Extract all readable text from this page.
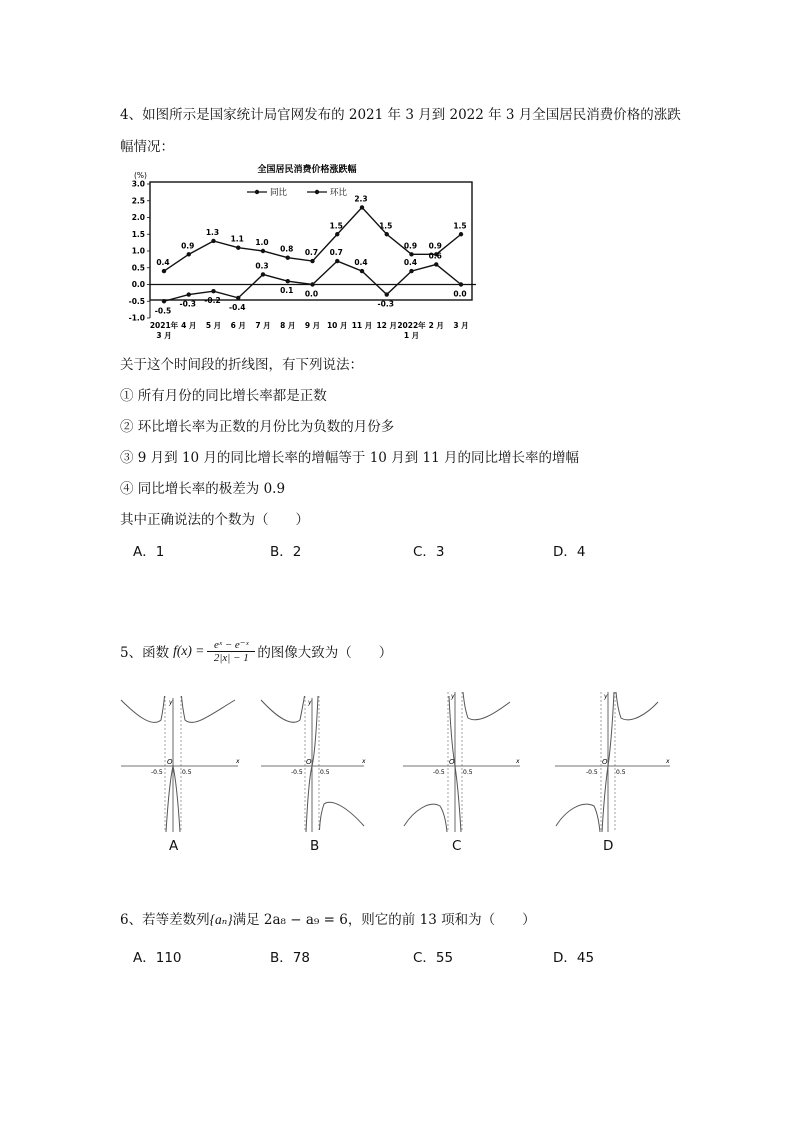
4、如图所示是国家统计局官网发布的 2021 年 3 月到 2022 年 3 月全国居民消费价格的涨跌
幅情况：
全国居民消费价格涨跌幅
(%)
3.0
2.5
2.0
1.5
1.0
0.5
0.0
-0.5
-1.0
2021年
3 月
4 月 5 月 6 月 7 月 8 月 9 月 10 月 11 月 12 月 2022年
1 月
2 月 3 月
同比	环比
0.4
0.9
1.3
1.1 1.0
0.8 0.7
1.5
2.3
1.5
0.9 0.9
1.5
-0.5
-0.3 -0.2
-0.4
0.3
0.1 0.0
0.7
0.4
-0.3
0.4
0.6
0.0
关于这个时间段的折线图，有下列说法：
① 所有月份的同比增长率都是正数
② 环比增长率为正数的月份比为负数的月份多
③ 9 月到 10 月的同比增长率的增幅等于 10 月到 11 月的同比增长率的增幅
④ 同比增长率的极差为 0.9
其中正确说法的个数为（　　）
A．1	B．2	C．3	D．4
5、函数 f(x) = eˣ − e⁻ˣ
2|x| − 1 的图像大致为（　　）
y
x
O
-0.5	0.5
A
y
x
O
-0.5	0.5
B
y
x
O
-0.5	0.5
C
y
x
O
-0.5	0.5
D
6、若等差数列{aₙ}满足 2a₈ − a₉ = 6，则它的前 13 项和为（　　）
A．110	B．78	C．55	D．45
